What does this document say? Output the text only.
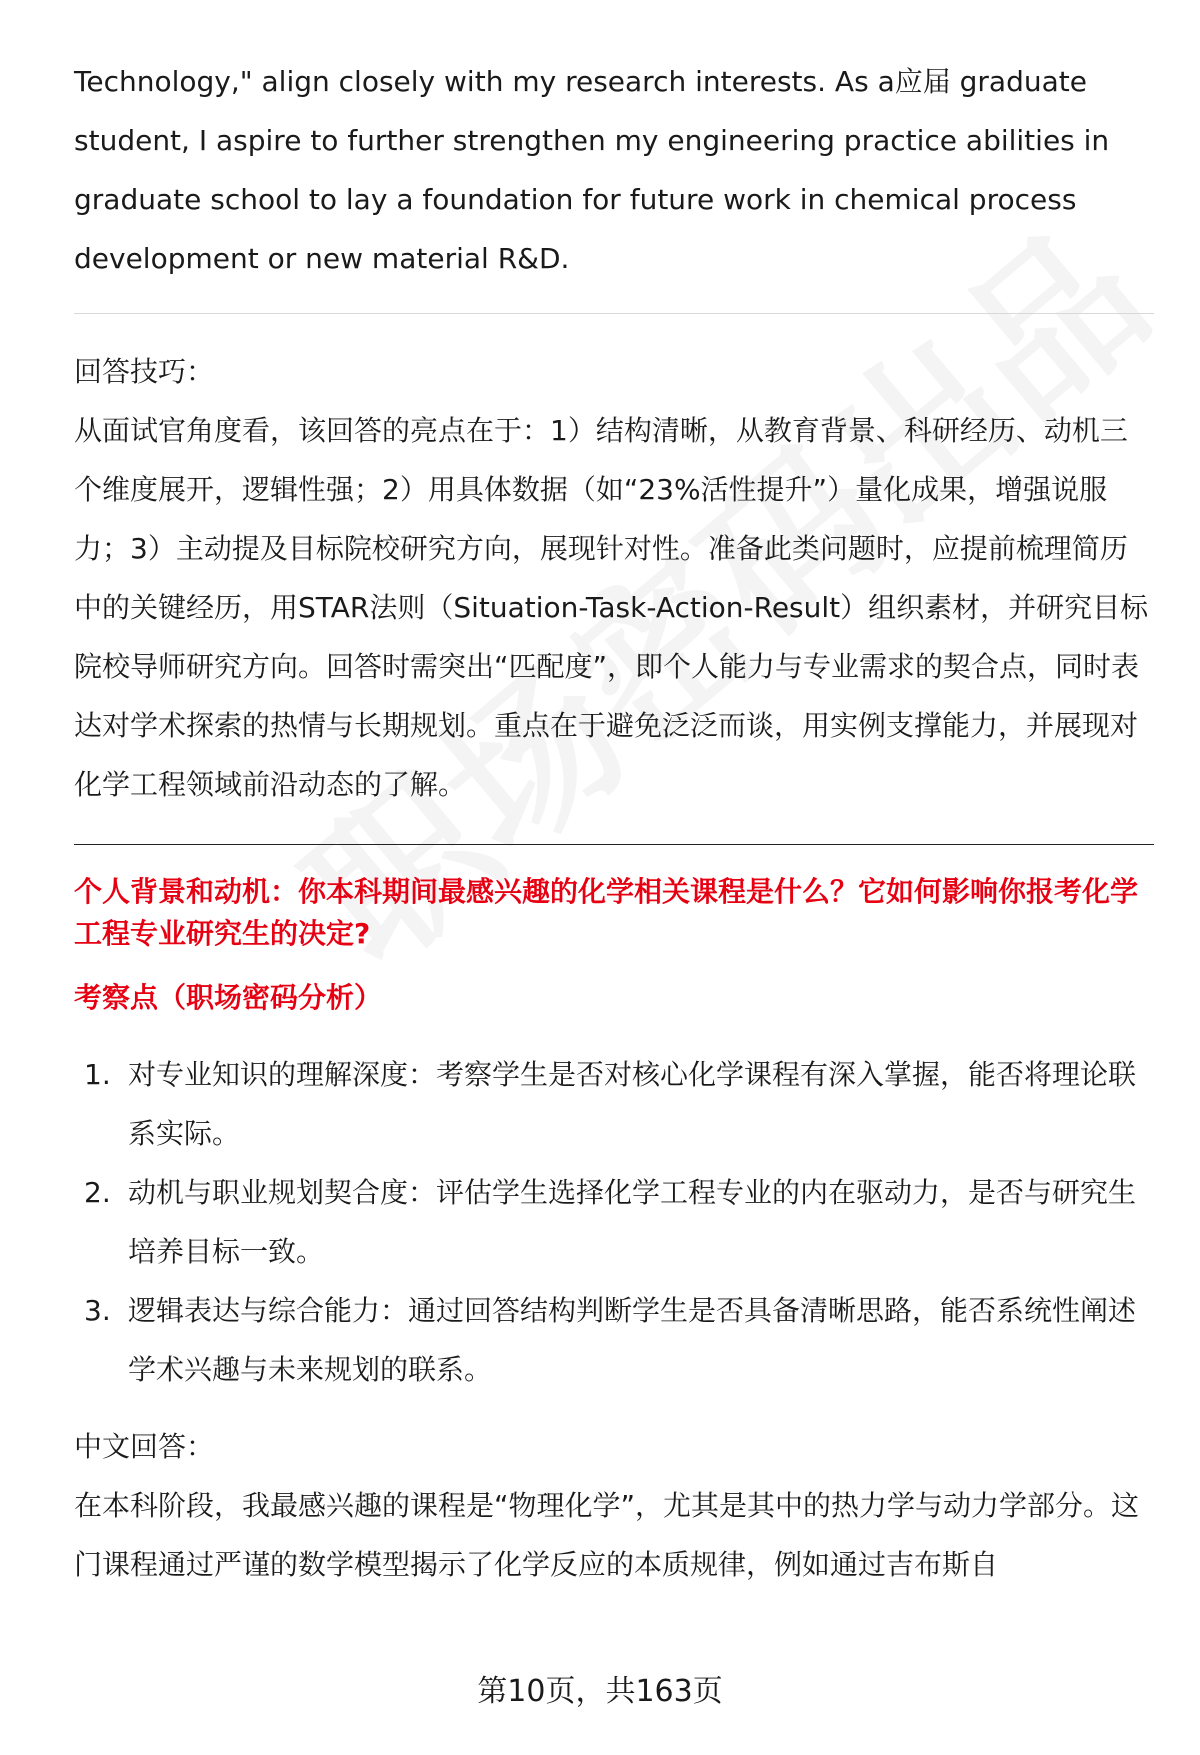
Technology," align closely with my research interests. As a应届 graduate student, I aspire to further strengthen my engineering practice abilities in graduate school to lay a foundation for future work in chemical process development or new material R&D.

回答技巧：

从面试官角度看，该回答的亮点在于：1）结构清晰，从教育背景、科研经历、动机三个维度展开，逻辑性强；2）用具体数据（如“23%活性提升”）量化成果，增强说服力；3）主动提及目标院校研究方向，展现针对性。准备此类问题时，应提前梳理简历中的关键经历，用STAR法则（Situation-Task-Action-Result）组织素材，并研究目标院校导师研究方向。回答时需突出“匹配度”，即个人能力与专业需求的契合点，同时表达对学术探索的热情与长期规划。重点在于避免泛泛而谈，用实例支撑能力，并展现对化学工程领域前沿动态的了解。

个人背景和动机：你本科期间最感兴趣的化学相关课程是什么？它如何影响你报考化学工程专业研究生的决定?

考察点（职场密码分析）

1. 对专业知识的理解深度：考察学生是否对核心化学课程有深入掌握，能否将理论联系实际。
2. 动机与职业规划契合度：评估学生选择化学工程专业的内在驱动力，是否与研究生培养目标一致。
3. 逻辑表达与综合能力：通过回答结构判断学生是否具备清晰思路，能否系统性阐述学术兴趣与未来规划的联系。

中文回答：

在本科阶段，我最感兴趣的课程是“物理化学”，尤其是其中的热力学与动力学部分。这门课程通过严谨的数学模型揭示了化学反应的本质规律，例如通过吉布斯自

第10页，共163页
